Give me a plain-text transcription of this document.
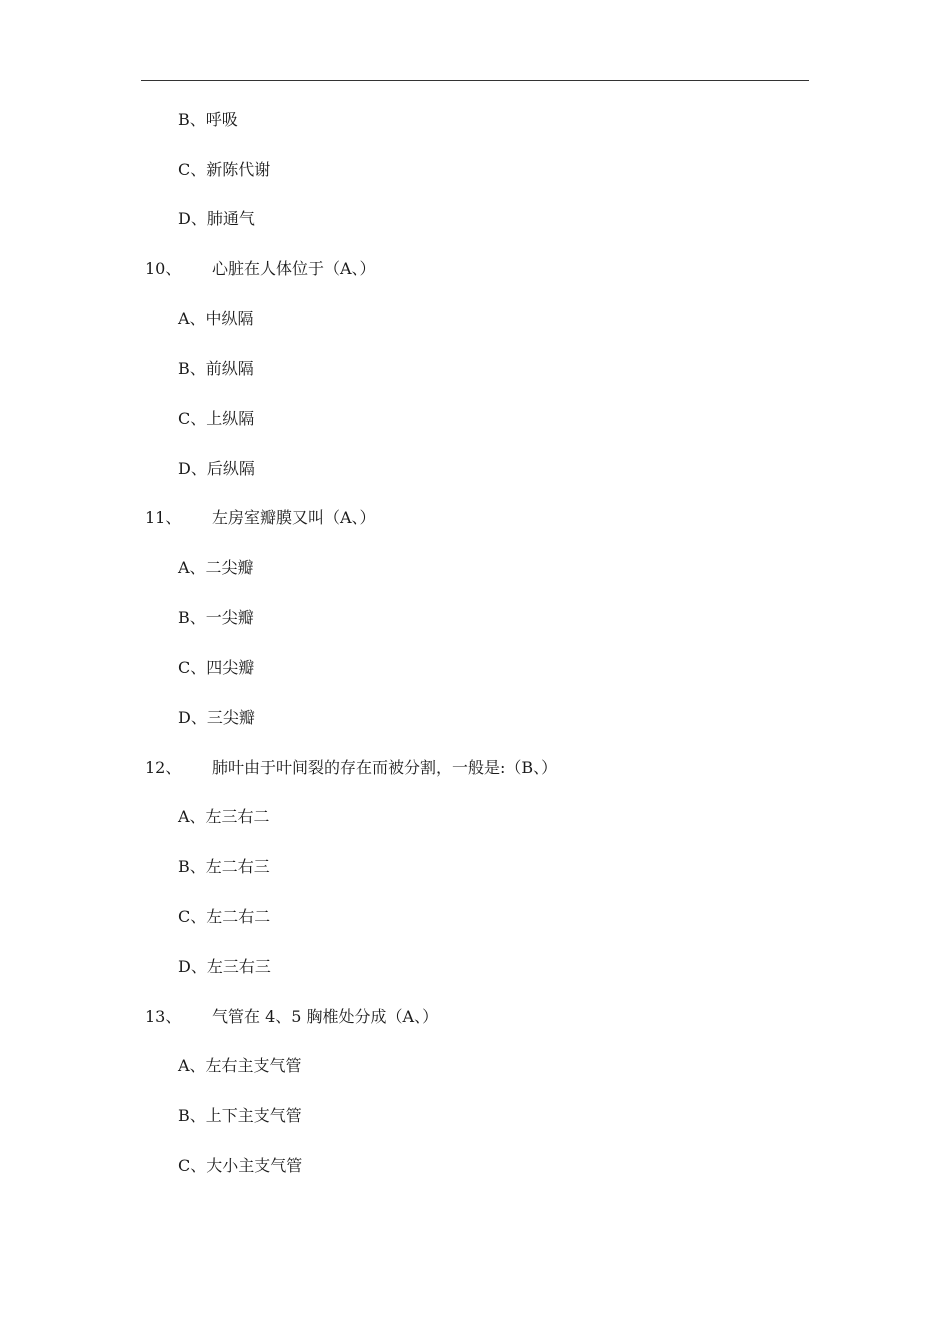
B、呼吸
C、新陈代谢
D、肺通气
10、 心脏在人体位于（A、）
A、中纵隔
B、前纵隔
C、上纵隔
D、后纵隔
11、 左房室瓣膜又叫（A、）
A、二尖瓣
B、一尖瓣
C、四尖瓣
D、三尖瓣
12、 肺叶由于叶间裂的存在而被分割，一般是:（B、）
A、左三右二
B、左二右三
C、左二右二
D、左三右三
13、 气管在 4、5 胸椎处分成（A、）
A、左右主支气管
B、上下主支气管
C、大小主支气管
